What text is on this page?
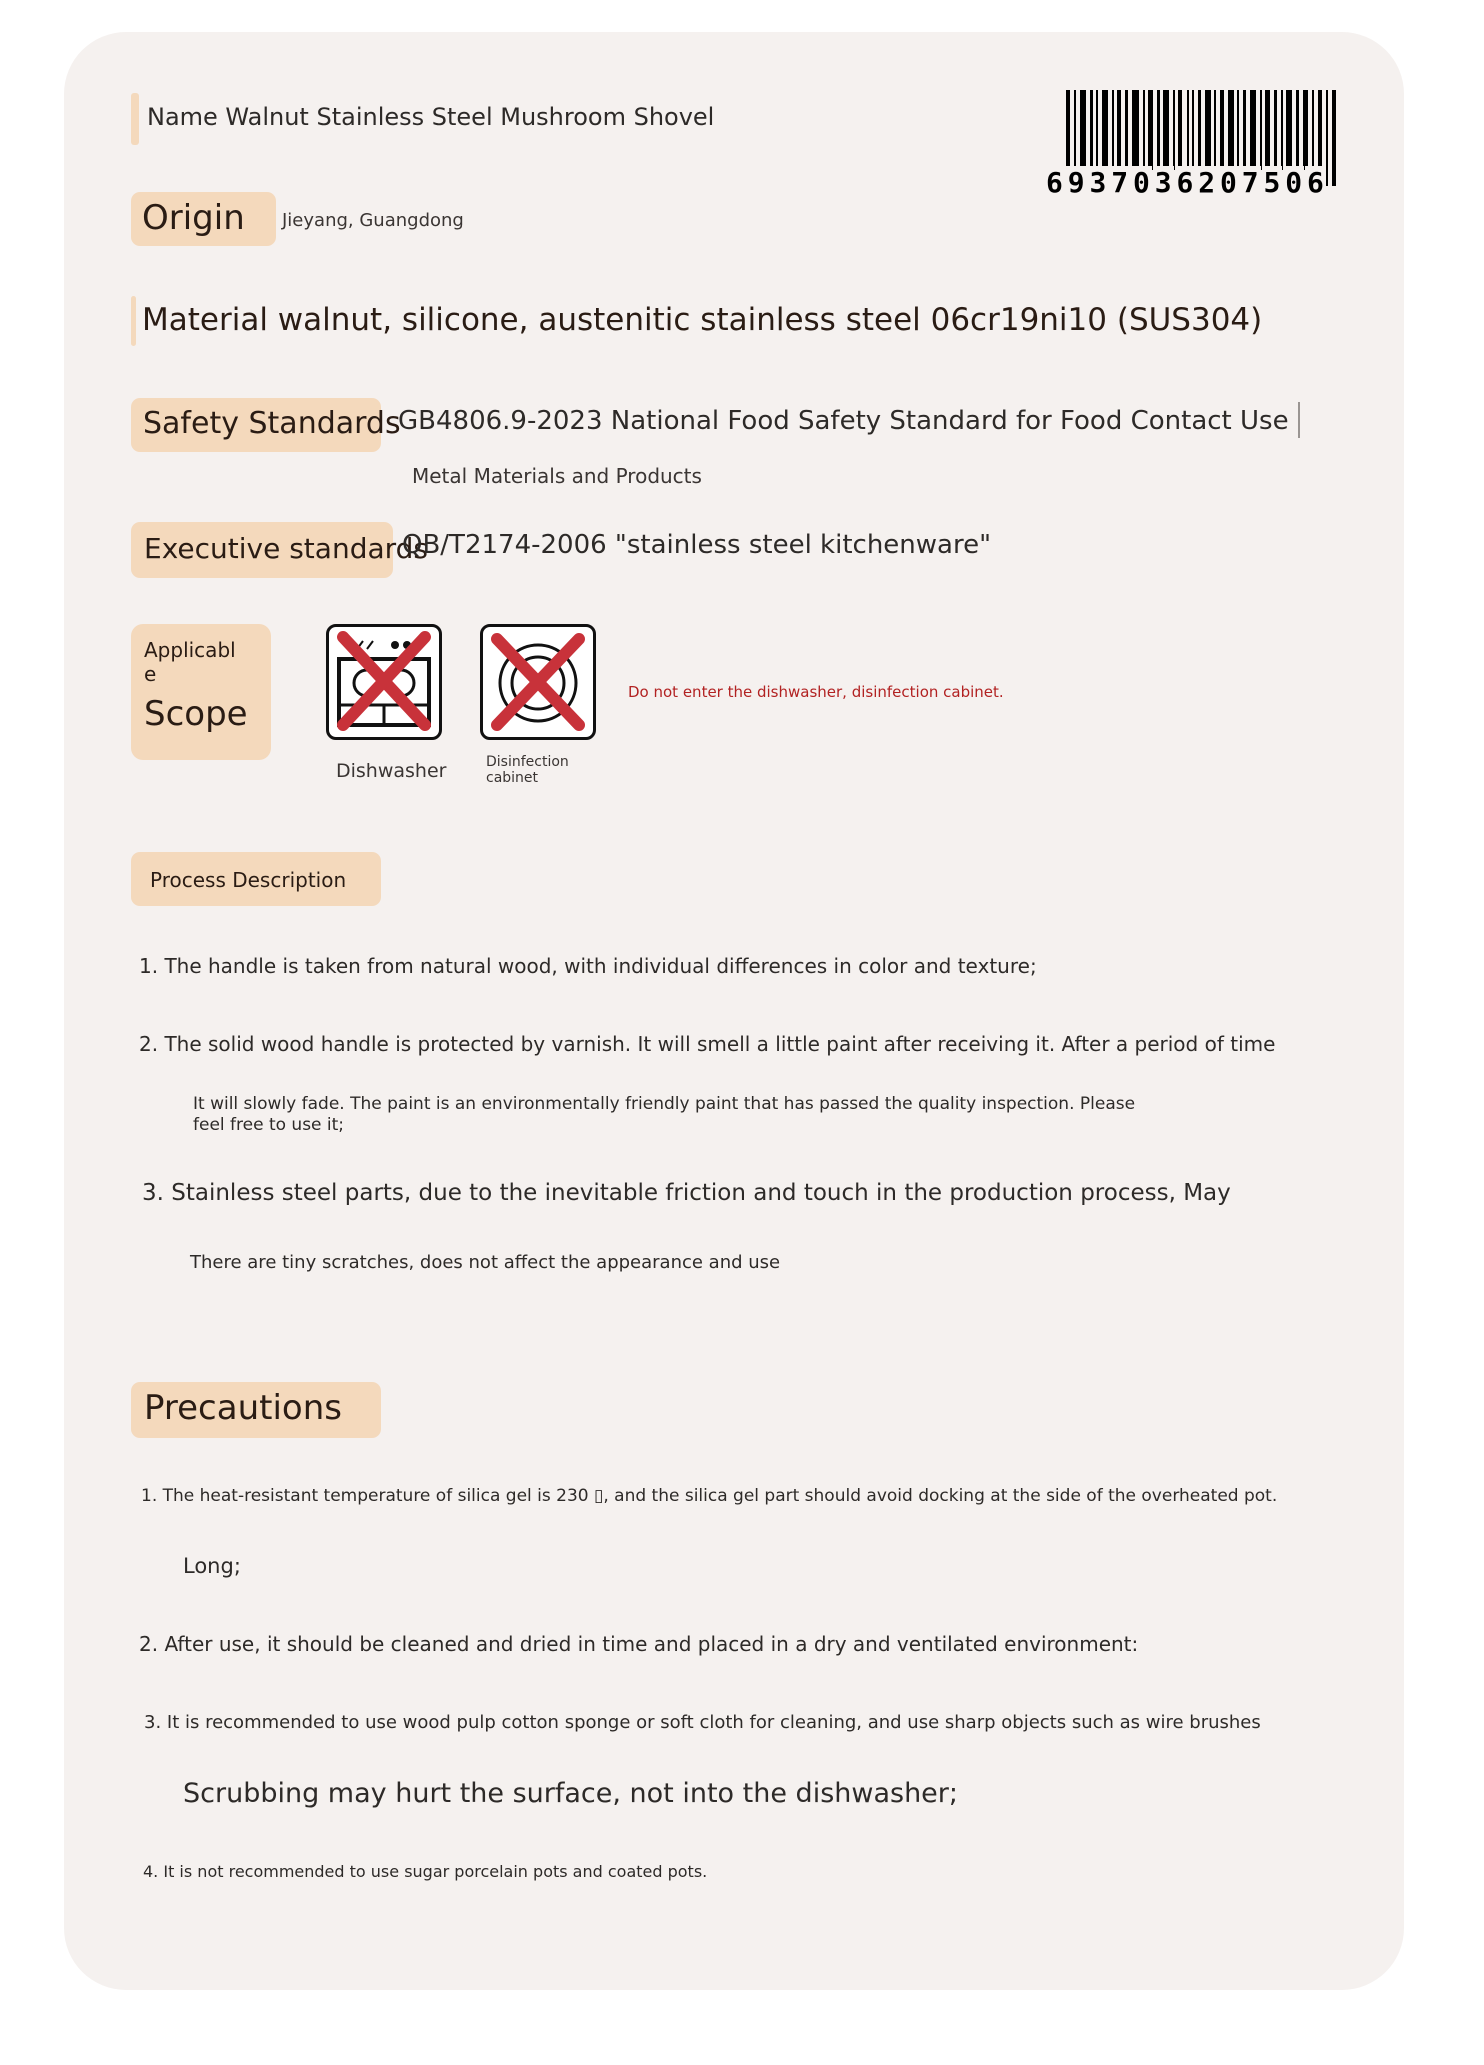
Name Walnut Stainless Steel Mushroom Shovel
6 9 3 7 0 3 6 2 0 7 5 0 6
Origin Jieyang, Guangdong
Material walnut, silicone, austenitic stainless steel 06cr19ni10 (SUS304)
Safety Standards
GB4806.9-2023 National Food Safety Standard for Food Contact Use
Metal Materials and Products
Executive standards
QB/T2174-2006 "stainless steel kitchenware"
Applicabl
e
Scope
Dishwasher	Disinfection
cabinet
Do not enter the dishwasher, disinfection cabinet.
Process Description
1. The handle is taken from natural wood, with individual differences in color and texture;
2. The solid wood handle is protected by varnish. It will smell a little paint after receiving it. After a period of time
It will slowly fade. The paint is an environmentally friendly paint that has passed the quality inspection. Please
feel free to use it;
3. Stainless steel parts, due to the inevitable friction and touch in the production process, May
There are tiny scratches, does not affect the appearance and use
Precautions
1. The heat-resistant temperature of silica gel is 230 ▯, and the silica gel part should avoid docking at the side of the overheated pot.
Long;
2. After use, it should be cleaned and dried in time and placed in a dry and ventilated environment:
3. It is recommended to use wood pulp cotton sponge or soft cloth for cleaning, and use sharp objects such as wire brushes
Scrubbing may hurt the surface, not into the dishwasher;
4. It is not recommended to use sugar porcelain pots and coated pots.
